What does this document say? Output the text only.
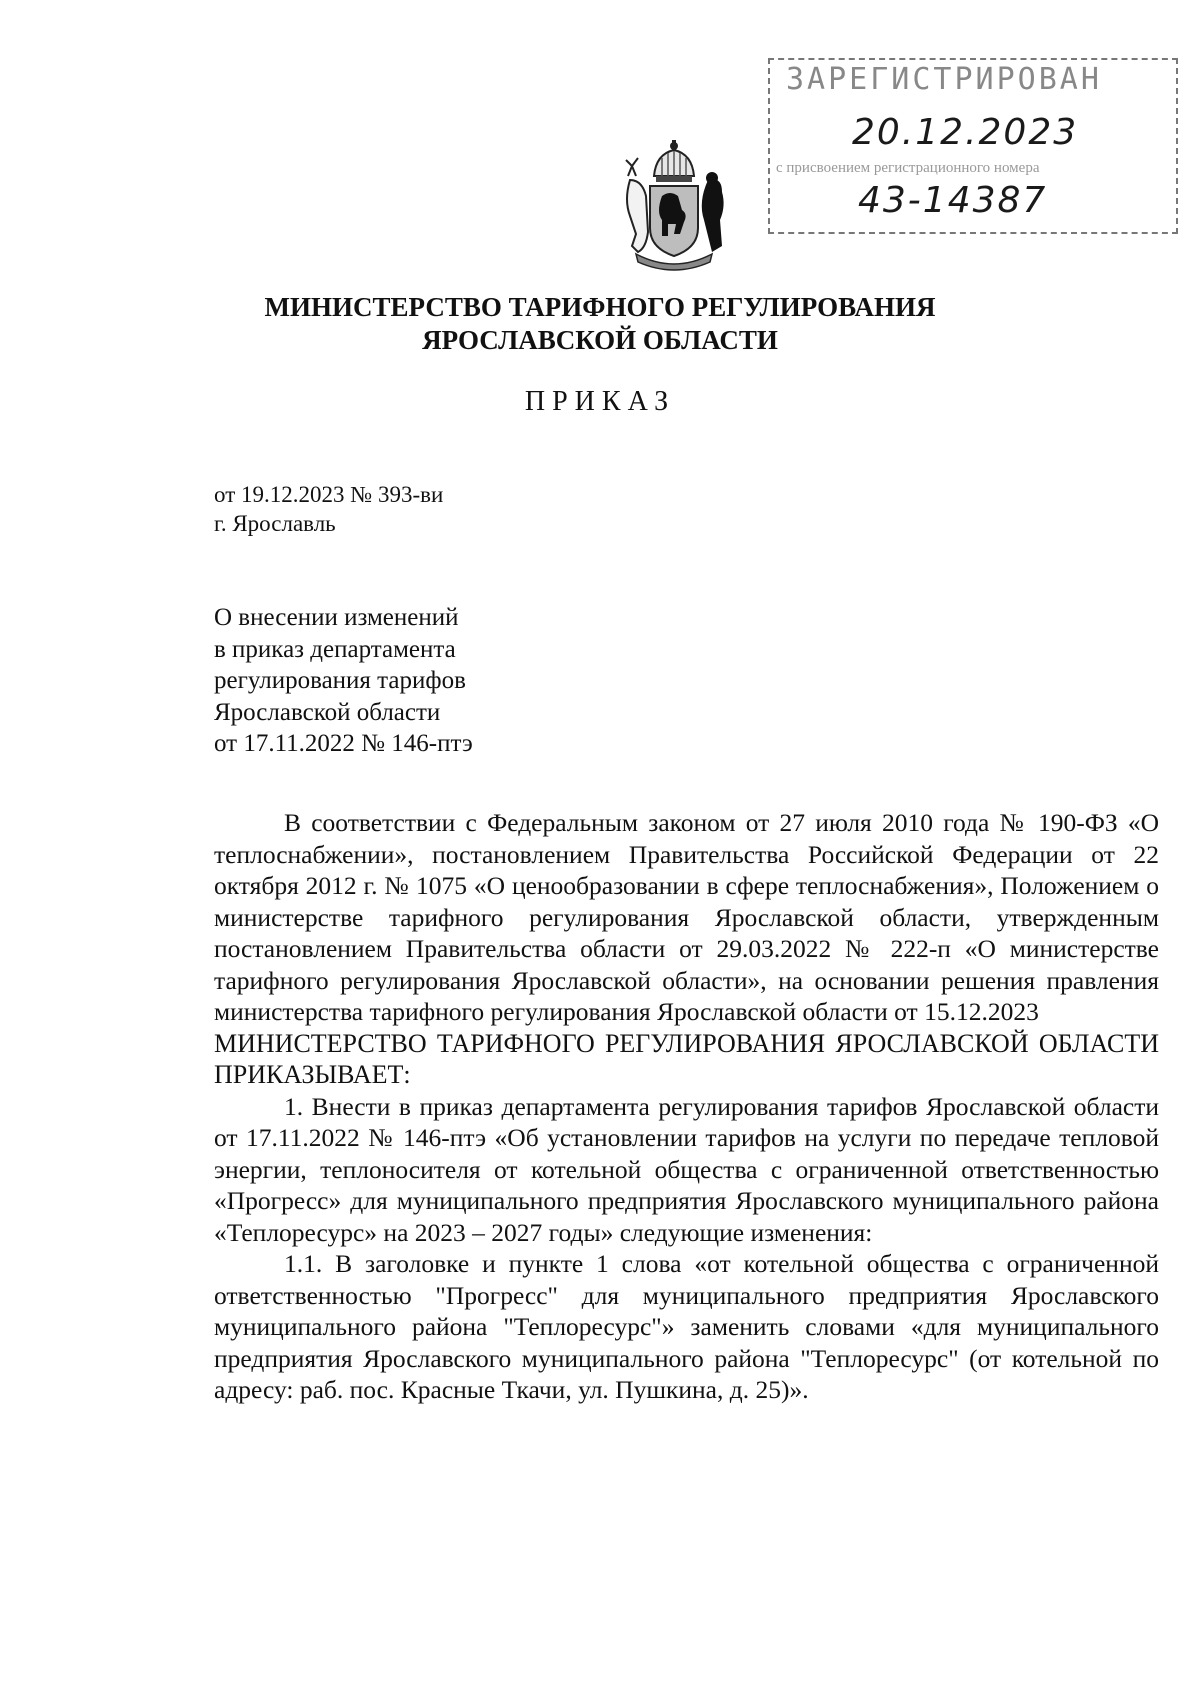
ЗАРЕГИСТРИРОВАН
20.12.2023
с присвоением регистрационного номера
43-14387
МИНИСТЕРСТВО ТАРИФНОГО РЕГУЛИРОВАНИЯ
ЯРОСЛАВСКОЙ ОБЛАСТИ
ПРИКАЗ
от 19.12.2023 № 393-ви
г. Ярославль
О внесении изменений
в приказ департамента
регулирования тарифов
Ярославской области
от 17.11.2022 № 146-птэ

В соответствии с Федеральным законом от 27 июля 2010 года № 190-ФЗ «О теплоснабжении», постановлением Правительства Российской Федерации от 22 октября 2012 г. № 1075 «О ценообразовании в сфере теплоснабжения», Положением о министерстве тарифного регулирования Ярославской области, утвержденным постановлением Правительства области от 29.03.2022 № 222-п «О министерстве тарифного регулирования Ярославской области», на основании решения правления министерства тарифного регулирования Ярославской области от 15.12.2023

МИНИСТЕРСТВО ТАРИФНОГО РЕГУЛИРОВАНИЯ ЯРОСЛАВСКОЙ ОБЛАСТИ ПРИКАЗЫВАЕТ:

1. Внести в приказ департамента регулирования тарифов Ярославской области от 17.11.2022 № 146-птэ «Об установлении тарифов на услуги по передаче тепловой энергии, теплоносителя от котельной общества с ограниченной ответственностью «Прогресс» для муниципального предприятия Ярославского муниципального района «Теплоресурс» на 2023 – 2027 годы» следующие изменения:

1.1. В заголовке и пункте 1 слова «от котельной общества с ограниченной ответственностью "Прогресс" для муниципального предприятия Ярославского муниципального района "Теплоресурс"» заменить словами «для муниципального предприятия Ярославского муниципального района "Теплоресурс" (от котельной по адресу: раб. пос. Красные Ткачи, ул. Пушкина, д. 25)».
